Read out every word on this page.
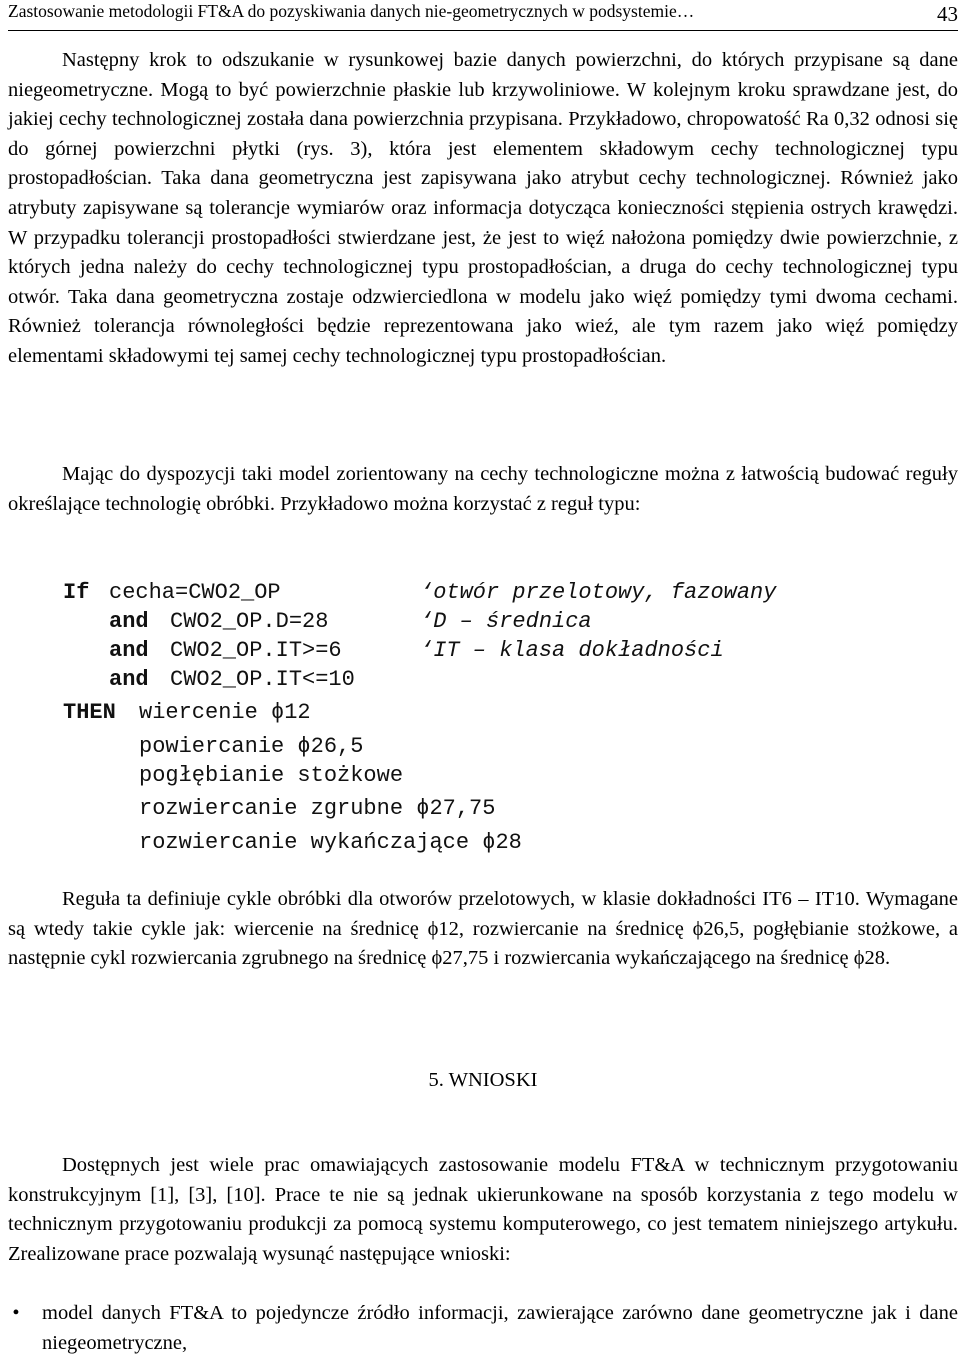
Zastosowanie metodologii FT&A do pozyskiwania danych nie-geometrycznych w podsystemie…	43

Następny krok to odszukanie w rysunkowej bazie danych powierzchni, do których przypisane są dane niegeometryczne. Mogą to być powierzchnie płaskie lub krzywoliniowe. W kolejnym kroku sprawdzane jest, do jakiej cechy technologicznej została dana powierzchnia przypisana. Przykładowo, chropowatość Ra 0,32 odnosi się do górnej powierzchni płytki (rys. 3), która jest elementem składowym cechy technologicznej typu prostopadłościan. Taka dana geometryczna jest zapisywana jako atrybut cechy technologicznej. Również jako atrybuty zapisywane są tolerancje wymiarów oraz informacja dotycząca konieczności stępienia ostrych krawędzi. W przypadku tolerancji prostopadłości stwierdzane jest, że jest to więź nałożona pomiędzy dwie powierzchnie, z których jedna należy do cechy technologicznej typu prostopadłościan, a druga do cechy technologicznej typu otwór. Taka dana geometryczna zostaje odzwierciedlona w modelu jako więź pomiędzy tymi dwoma cechami. Również tolerancja równoległości będzie reprezentowana jako wieź, ale tym razem jako więź pomiędzy elementami składowymi tej samej cechy technologicznej typu prostopadłościan.

Mając do dyspozycji taki model zorientowany na cechy technologiczne można z łatwością budować reguły określające technologię obróbki. Przykładowo można korzystać z reguł typu:

If cecha=CWO2_OP	‘otwór przelotowy, fazowany
and CWO2_OP.D=28	‘D – średnica
and CWO2_OP.IT>=6	‘IT – klasa dokładności
and CWO2_OP.IT<=10
THEN wiercenie ϕ12
powiercanie ϕ26,5
pogłębianie stożkowe
rozwiercanie zgrubne ϕ27,75
rozwiercanie wykańczające ϕ28

Reguła ta definiuje cykle obróbki dla otworów przelotowych, w klasie dokładności IT6 – IT10. Wymagane są wtedy takie cykle jak: wiercenie na średnicę ϕ12, rozwiercanie na średnicę ϕ26,5, pogłębianie stożkowe, a następnie cykl rozwiercania zgrubnego na średnicę ϕ27,75 i rozwiercania wykańczającego na średnicę ϕ28.

5. WNIOSKI

Dostępnych jest wiele prac omawiających zastosowanie modelu FT&A w technicznym przygotowaniu konstrukcyjnym [1], [3], [10]. Prace te nie są jednak ukierunkowane na sposób korzystania z tego modelu w technicznym przygotowaniu produkcji za pomocą systemu komputerowego, co jest tematem niniejszego artykułu. Zrealizowane prace pozwalają wysunąć następujące wnioski:

• model danych FT&A to pojedyncze źródło informacji, zawierające zarówno dane geometryczne jak i dane niegeometryczne,
